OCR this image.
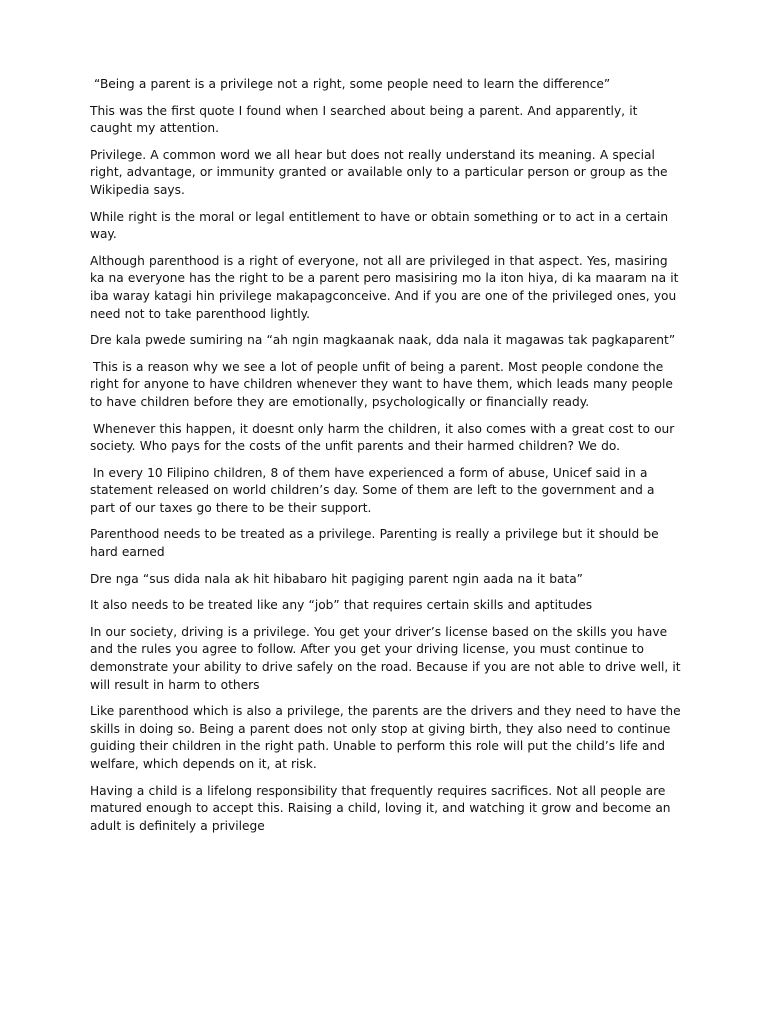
“Being a parent is a privilege not a right, some people need to learn the difference”

This was the first quote I found when I searched about being a parent. And apparently, it caught my attention.

Privilege. A common word we all hear but does not really understand its meaning. A special right, advantage, or immunity granted or available only to a particular person or group as the Wikipedia says.

While right is the moral or legal entitlement to have or obtain something or to act in a certain way.

Although parenthood is a right of everyone, not all are privileged in that aspect. Yes, masiring ka na everyone has the right to be a parent pero masisiring mo la iton hiya, di ka maaram na it iba waray katagi hin privilege makapagconceive. And if you are one of the privileged ones, you need not to take parenthood lightly.

Dre kala pwede sumiring na “ah ngin magkaanak naak, dda nala it magawas tak pagkaparent”

This is a reason why we see a lot of people unfit of being a parent. Most people condone the right for anyone to have children whenever they want to have them, which leads many people to have children before they are emotionally, psychologically or financially ready.

Whenever this happen, it doesnt only harm the children, it also comes with a great cost to our society. Who pays for the costs of the unfit parents and their harmed children? We do.

In every 10 Filipino children, 8 of them have experienced a form of abuse, Unicef said in a statement released on world children’s day. Some of them are left to the government and a part of our taxes go there to be their support.

Parenthood needs to be treated as a privilege. Parenting is really a privilege but it should be hard earned

Dre nga “sus dida nala ak hit hibabaro hit pagiging parent ngin aada na it bata”

It also needs to be treated like any “job” that requires certain skills and aptitudes

In our society, driving is a privilege. You get your driver’s license based on the skills you have and the rules you agree to follow. After you get your driving license, you must continue to demonstrate your ability to drive safely on the road. Because if you are not able to drive well, it will result in harm to others

Like parenthood which is also a privilege, the parents are the drivers and they need to have the skills in doing so. Being a parent does not only stop at giving birth, they also need to continue guiding their children in the right path. Unable to perform this role will put the child’s life and welfare, which depends on it, at risk.

Having a child is a lifelong responsibility that frequently requires sacrifices. Not all people are matured enough to accept this. Raising a child, loving it, and watching it grow and become an adult is definitely a privilege
